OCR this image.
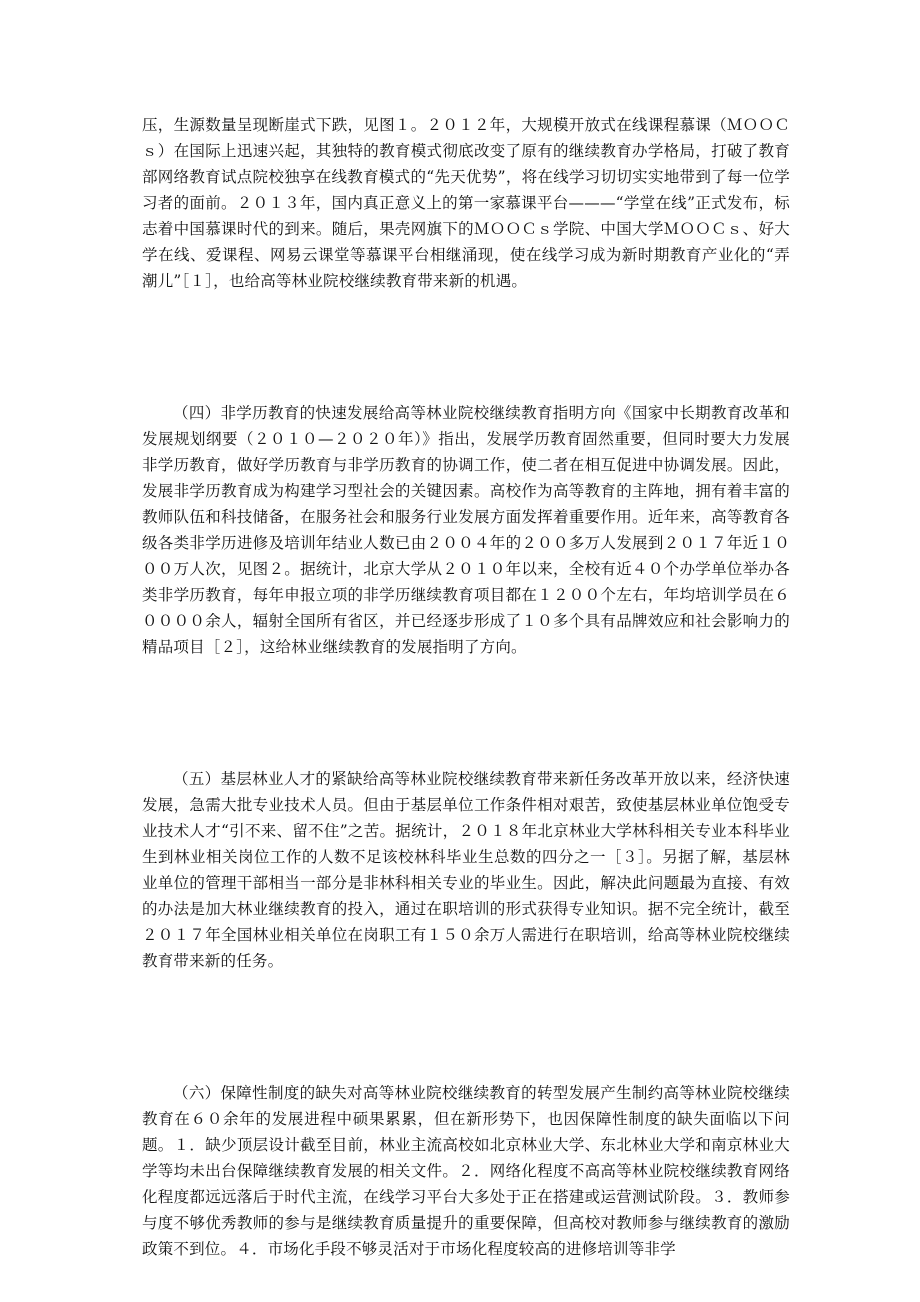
压，生源数量呈现断崖式下跌，见图１。２０１２年，大规模开放式在线课程慕课（ＭＯＯＣｓ）在国际上迅速兴起，其独特的教育模式彻底改变了原有的继续教育办学格局，打破了教育部网络教育试点院校独享在线教育模式的“先天优势”，将在线学习切切实实地带到了每一位学习者的面前。２０１３年，国内真正意义上的第一家慕课平台———“学堂在线”正式发布，标志着中国慕课时代的到来。随后，果壳网旗下的ＭＯＯＣｓ学院、中国大学ＭＯＯＣｓ、好大学在线、爱课程、网易云课堂等慕课平台相继涌现，使在线学习成为新时期教育产业化的“弄潮儿”［１］，也给高等林业院校继续教育带来新的机遇。

（四）非学历教育的快速发展给高等林业院校继续教育指明方向《国家中长期教育改革和发展规划纲要（２０１０—２０２０年）》指出，发展学历教育固然重要，但同时要大力发展非学历教育，做好学历教育与非学历教育的协调工作，使二者在相互促进中协调发展。因此，发展非学历教育成为构建学习型社会的关键因素。高校作为高等教育的主阵地，拥有着丰富的教师队伍和科技储备，在服务社会和服务行业发展方面发挥着重要作用。近年来，高等教育各级各类非学历进修及培训年结业人数已由２００４年的２００多万人发展到２０１７年近１０００万人次，见图２。据统计，北京大学从２０１０年以来，全校有近４０个办学单位举办各类非学历教育，每年申报立项的非学历继续教育项目都在１２００个左右，年均培训学员在６００００余人，辐射全国所有省区，并已经逐步形成了１０多个具有品牌效应和社会影响力的精品项目［２］，这给林业继续教育的发展指明了方向。

（五）基层林业人才的紧缺给高等林业院校继续教育带来新任务改革开放以来，经济快速发展，急需大批专业技术人员。但由于基层单位工作条件相对艰苦，致使基层林业单位饱受专业技术人才“引不来、留不住”之苦。据统计，２０１８年北京林业大学林科相关专业本科毕业生到林业相关岗位工作的人数不足该校林科毕业生总数的四分之一［３］。另据了解，基层林业单位的管理干部相当一部分是非林科相关专业的毕业生。因此，解决此问题最为直接、有效的办法是加大林业继续教育的投入，通过在职培训的形式获得专业知识。据不完全统计，截至２０１７年全国林业相关单位在岗职工有１５０余万人需进行在职培训，给高等林业院校继续教育带来新的任务。

（六）保障性制度的缺失对高等林业院校继续教育的转型发展产生制约高等林业院校继续教育在６０余年的发展进程中硕果累累，但在新形势下，也因保障性制度的缺失面临以下问题。１．缺少顶层设计截至目前，林业主流高校如北京林业大学、东北林业大学和南京林业大学等均未出台保障继续教育发展的相关文件。２．网络化程度不高高等林业院校继续教育网络化程度都远远落后于时代主流，在线学习平台大多处于正在搭建或运营测试阶段。３．教师参与度不够优秀教师的参与是继续教育质量提升的重要保障，但高校对教师参与继续教育的激励政策不到位。４．市场化手段不够灵活对于市场化程度较高的进修培训等非学
